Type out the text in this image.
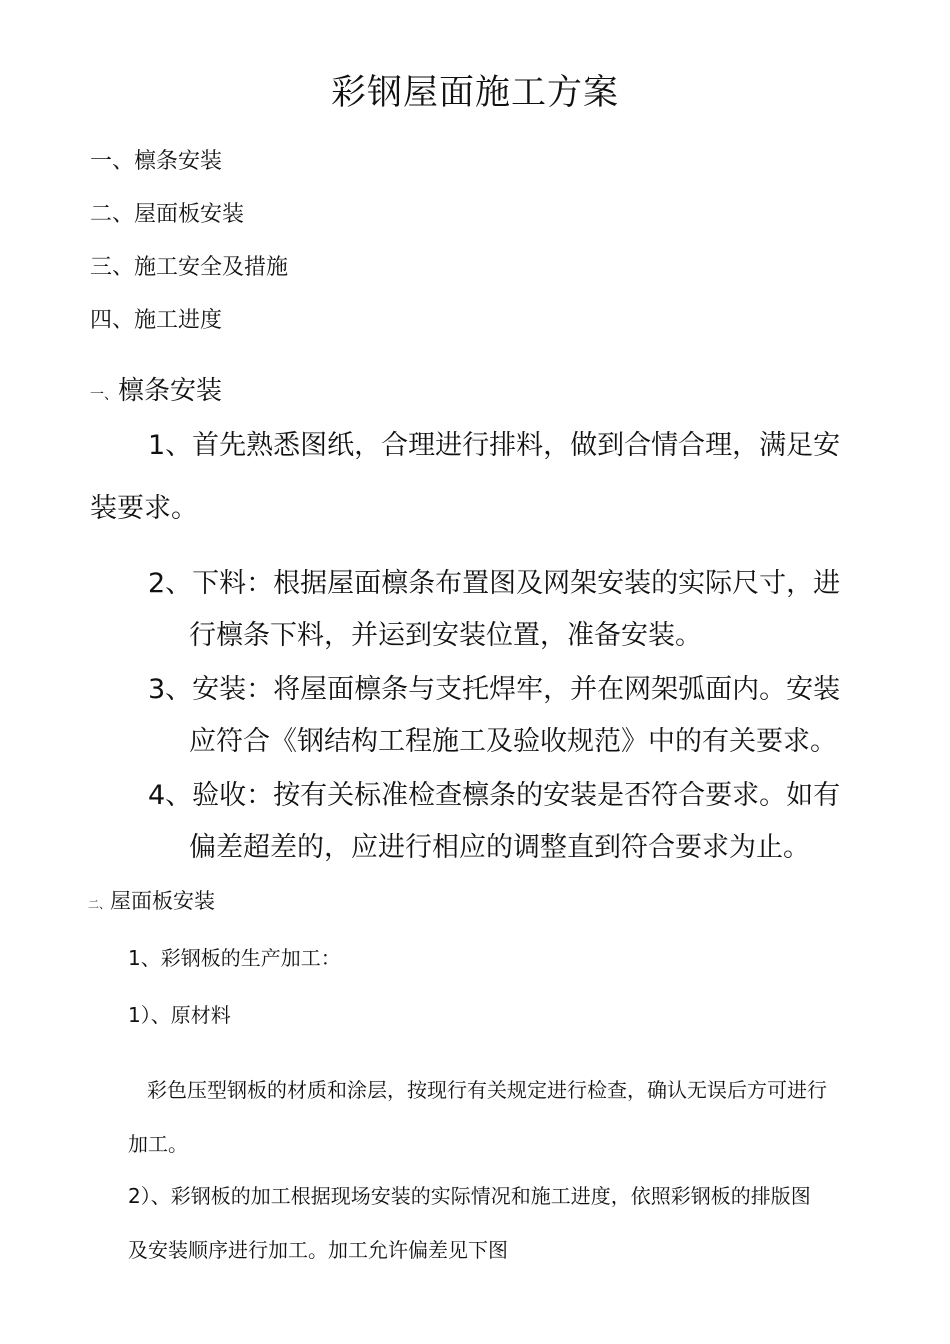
彩钢屋面施工方案
一、檩条安装
二、屋面板安装
三、施工安全及措施
四、施工进度
一、檩条安装
1、首先熟悉图纸，合理进行排料，做到合情合理，满足安
装要求。
2、下料：根据屋面檩条布置图及网架安装的实际尺寸，进
行檩条下料，并运到安装位置，准备安装。
3、安装：将屋面檩条与支托焊牢，并在网架弧面内。安装
应符合《钢结构工程施工及验收规范》中的有关要求。
4、验收：按有关标准检查檩条的安装是否符合要求。如有
偏差超差的，应进行相应的调整直到符合要求为止。
二、屋面板安装
1、彩钢板的生产加工：
1）、原材料
彩色压型钢板的材质和涂层，按现行有关规定进行检查，确认无误后方可进行
加工。
2）、彩钢板的加工根据现场安装的实际情况和施工进度，依照彩钢板的排版图
及安装顺序进行加工。加工允许偏差见下图
